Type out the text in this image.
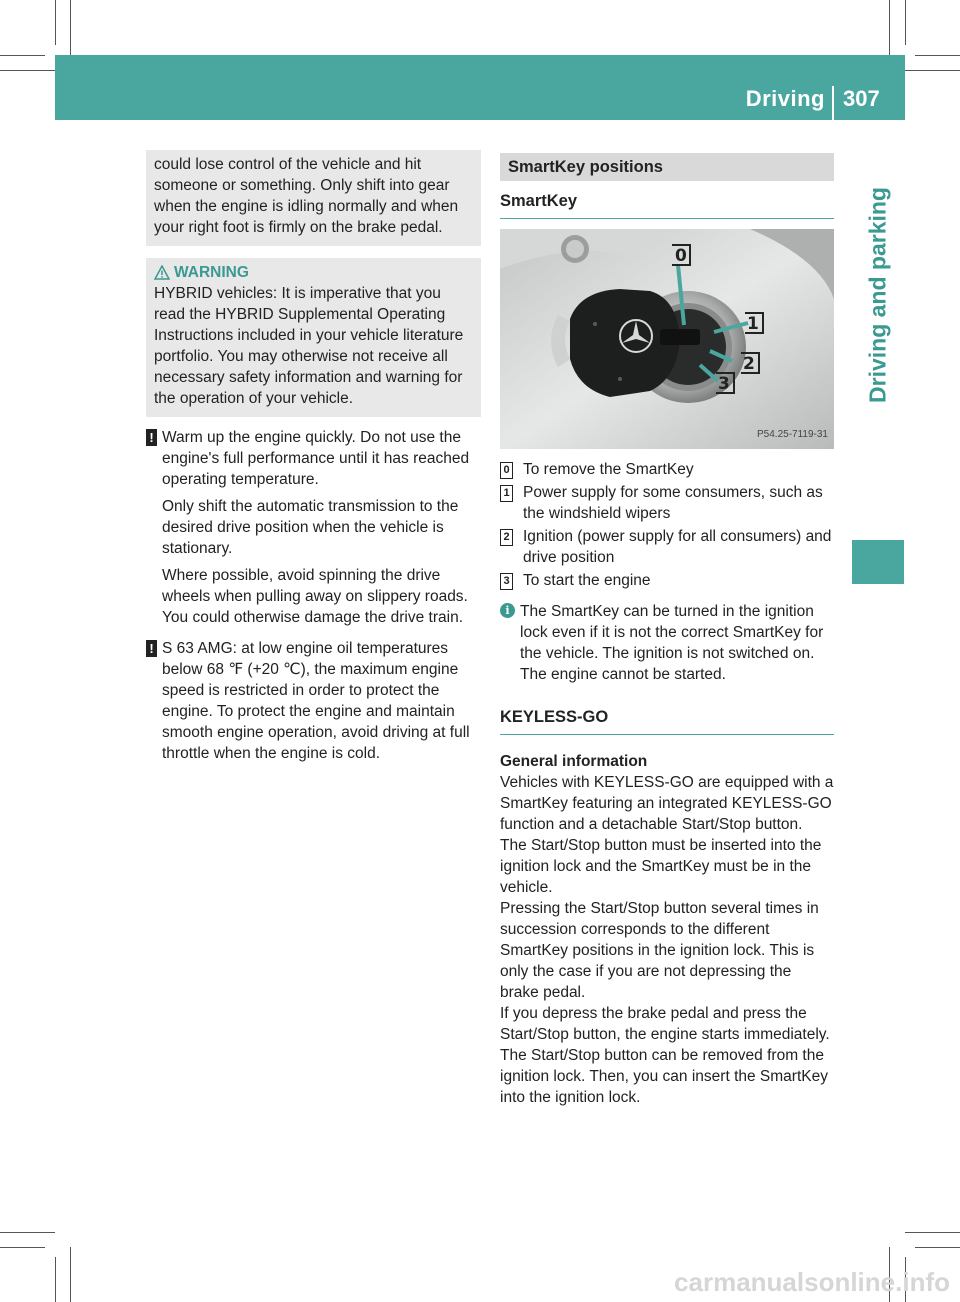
Driving 307
Driving and parking
could lose control of the vehicle and hit someone or something. Only shift into gear when the engine is idling normally and when your right foot is firmly on the brake pedal.
WARNING
HYBRID vehicles: It is imperative that you read the HYBRID Supplemental Operating Instructions included in your vehicle literature portfolio. You may otherwise not receive all necessary safety information and warning for the operation of your vehicle.
! Warm up the engine quickly. Do not use the engine's full performance until it has reached operating temperature.

Only shift the automatic transmission to the desired drive position when the vehicle is stationary.

Where possible, avoid spinning the drive wheels when pulling away on slippery roads. You could otherwise damage the drive train.

! S 63 AMG: at low engine oil temperatures below 68 ℉ (+20 ℃), the maximum engine speed is restricted in order to protect the engine. To protect the engine and maintain smooth engine operation, avoid driving at full throttle when the engine is cold.

SmartKey positions
SmartKey
0
1
2
3
P54.25-7119-31
0 To remove the SmartKey
1 Power supply for some consumers, such as the windshield wipers
2 Ignition (power supply for all consumers) and drive position
3 To start the engine
i The SmartKey can be turned in the ignition lock even if it is not the correct SmartKey for the vehicle. The ignition is not switched on. The engine cannot be started.
KEYLESS-GO
General information

Vehicles with KEYLESS-GO are equipped with a SmartKey featuring an integrated KEYLESS-GO function and a detachable Start/Stop button.

The Start/Stop button must be inserted into the ignition lock and the SmartKey must be in the vehicle.

Pressing the Start/Stop button several times in succession corresponds to the different SmartKey positions in the ignition lock. This is only the case if you are not depressing the brake pedal.

If you depress the brake pedal and press the Start/Stop button, the engine starts immediately.

The Start/Stop button can be removed from the ignition lock. Then, you can insert the SmartKey into the ignition lock.

carmanualsonline.info
